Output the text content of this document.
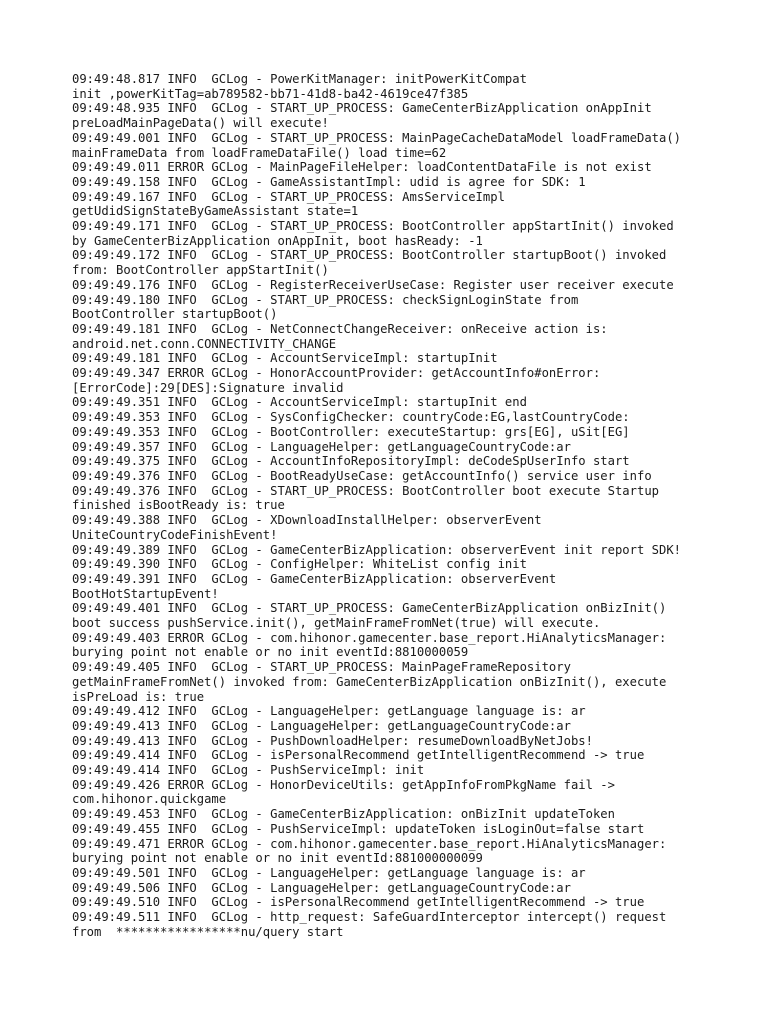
09:49:48.817 INFO  GCLog - PowerKitManager: initPowerKitCompat
init ,powerKitTag=ab789582-bb71-41d8-ba42-4619ce47f385
09:49:48.935 INFO  GCLog - START_UP_PROCESS: GameCenterBizApplication onAppInit
preLoadMainPageData() will execute!
09:49:49.001 INFO  GCLog - START_UP_PROCESS: MainPageCacheDataModel loadFrameData()
mainFrameData from loadFrameDataFile() load time=62
09:49:49.011 ERROR GCLog - MainPageFileHelper: loadContentDataFile is not exist
09:49:49.158 INFO  GCLog - GameAssistantImpl: udid is agree for SDK: 1
09:49:49.167 INFO  GCLog - START_UP_PROCESS: AmsServiceImpl
getUdidSignStateByGameAssistant state=1
09:49:49.171 INFO  GCLog - START_UP_PROCESS: BootController appStartInit() invoked
by GameCenterBizApplication onAppInit, boot hasReady: -1
09:49:49.172 INFO  GCLog - START_UP_PROCESS: BootController startupBoot() invoked
from: BootController appStartInit()
09:49:49.176 INFO  GCLog - RegisterReceiverUseCase: Register user receiver execute
09:49:49.180 INFO  GCLog - START_UP_PROCESS: checkSignLoginState from
BootController startupBoot()
09:49:49.181 INFO  GCLog - NetConnectChangeReceiver: onReceive action is:
android.net.conn.CONNECTIVITY_CHANGE
09:49:49.181 INFO  GCLog - AccountServiceImpl: startupInit
09:49:49.347 ERROR GCLog - HonorAccountProvider: getAccountInfo#onError:
[ErrorCode]:29[DES]:Signature invalid
09:49:49.351 INFO  GCLog - AccountServiceImpl: startupInit end
09:49:49.353 INFO  GCLog - SysConfigChecker: countryCode:EG,lastCountryCode:
09:49:49.353 INFO  GCLog - BootController: executeStartup: grs[EG], uSit[EG]
09:49:49.357 INFO  GCLog - LanguageHelper: getLanguageCountryCode:ar
09:49:49.375 INFO  GCLog - AccountInfoRepositoryImpl: deCodeSpUserInfo start
09:49:49.376 INFO  GCLog - BootReadyUseCase: getAccountInfo() service user info
09:49:49.376 INFO  GCLog - START_UP_PROCESS: BootController boot execute Startup
finished isBootReady is: true
09:49:49.388 INFO  GCLog - XDownloadInstallHelper: observerEvent
UniteCountryCodeFinishEvent!
09:49:49.389 INFO  GCLog - GameCenterBizApplication: observerEvent init report SDK!
09:49:49.390 INFO  GCLog - ConfigHelper: WhiteList config init
09:49:49.391 INFO  GCLog - GameCenterBizApplication: observerEvent
BootHotStartupEvent!
09:49:49.401 INFO  GCLog - START_UP_PROCESS: GameCenterBizApplication onBizInit()
boot success pushService.init(), getMainFrameFromNet(true) will execute.
09:49:49.403 ERROR GCLog - com.hihonor.gamecenter.base_report.HiAnalyticsManager:
burying point not enable or no init eventId:8810000059
09:49:49.405 INFO  GCLog - START_UP_PROCESS: MainPageFrameRepository
getMainFrameFromNet() invoked from: GameCenterBizApplication onBizInit(), execute
isPreLoad is: true
09:49:49.412 INFO  GCLog - LanguageHelper: getLanguage language is: ar
09:49:49.413 INFO  GCLog - LanguageHelper: getLanguageCountryCode:ar
09:49:49.413 INFO  GCLog - PushDownloadHelper: resumeDownloadByNetJobs!
09:49:49.414 INFO  GCLog - isPersonalRecommend getIntelligentRecommend -> true
09:49:49.414 INFO  GCLog - PushServiceImpl: init
09:49:49.426 ERROR GCLog - HonorDeviceUtils: getAppInfoFromPkgName fail ->
com.hihonor.quickgame
09:49:49.453 INFO  GCLog - GameCenterBizApplication: onBizInit updateToken
09:49:49.455 INFO  GCLog - PushServiceImpl: updateToken isLoginOut=false start
09:49:49.471 ERROR GCLog - com.hihonor.gamecenter.base_report.HiAnalyticsManager:
burying point not enable or no init eventId:881000000099
09:49:49.501 INFO  GCLog - LanguageHelper: getLanguage language is: ar
09:49:49.506 INFO  GCLog - LanguageHelper: getLanguageCountryCode:ar
09:49:49.510 INFO  GCLog - isPersonalRecommend getIntelligentRecommend -> true
09:49:49.511 INFO  GCLog - http_request: SafeGuardInterceptor intercept() request
from  *****************nu/query start
